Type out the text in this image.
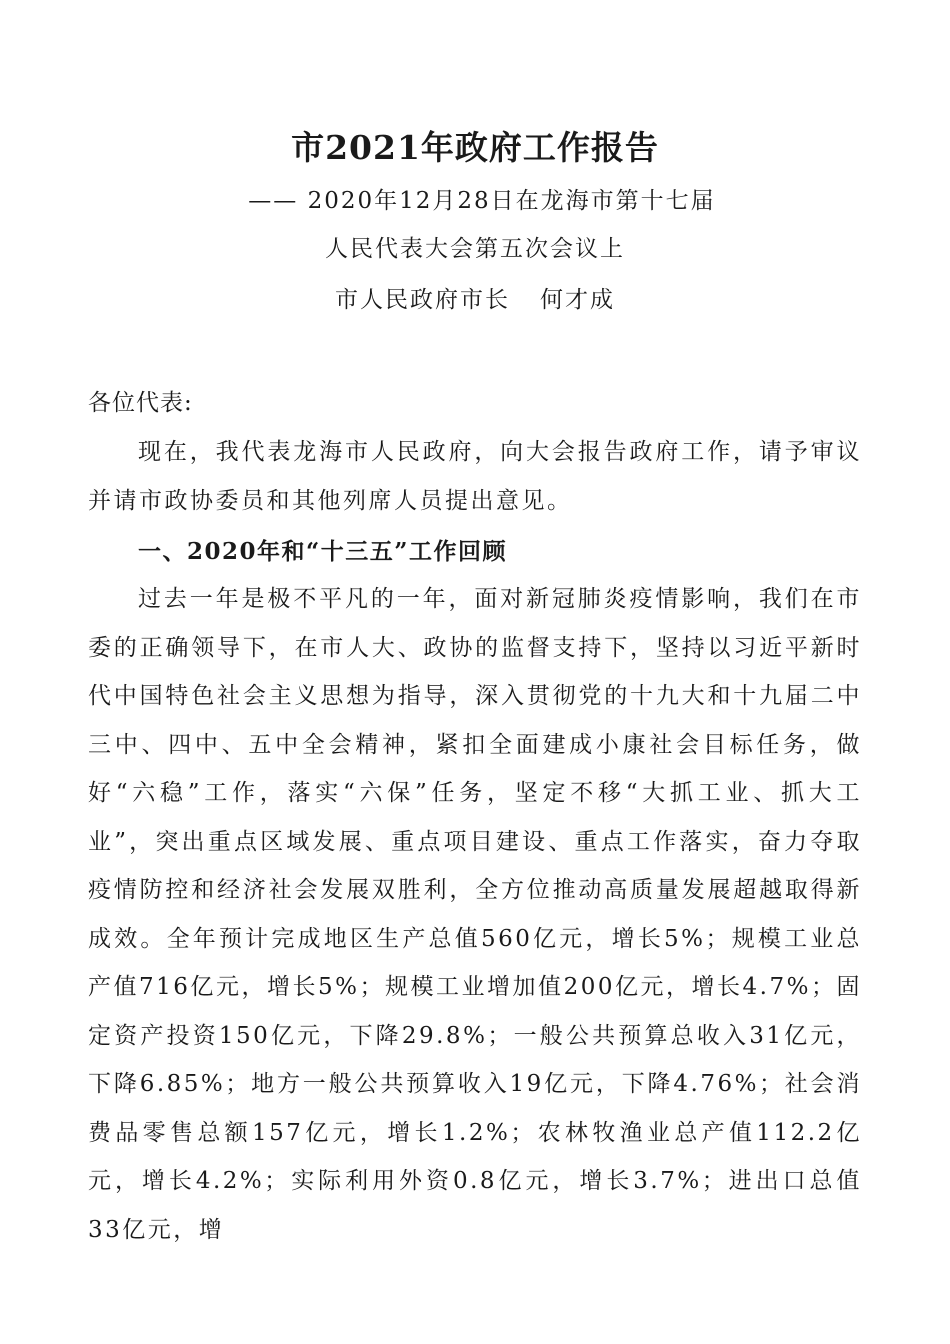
市2021年政府工作报告
—— 2020年12月28日在龙海市第十七届
人民代表大会第五次会议上
市人民政府市长 何才成
各位代表:

现在，我代表龙海市人民政府，向大会报告政府工作，请予审议并请市政协委员和其他列席人员提出意见。

一、2020年和“十三五”工作回顾

过去一年是极不平凡的一年，面对新冠肺炎疫情影响，我们在市委的正确领导下，在市人大、政协的监督支持下，坚持以习近平新时代中国特色社会主义思想为指导，深入贯彻党的十九大和十九届二中三中、四中、五中全会精神，紧扣全面建成小康社会目标任务，做好“六稳”工作，落实“六保”任务，坚定不移“大抓工业、抓大工业”，突出重点区域发展、重点项目建设、重点工作落实，奋力夺取疫情防控和经济社会发展双胜利，全方位推动高质量发展超越取得新成效。全年预计完成地区生产总值560亿元，增长5%；规模工业总产值716亿元，增长5%；规模工业增加值200亿元，增长4.7%；固定资产投资150亿元，下降29.8%；一般公共预算总收入31亿元，下降6.85%；地方一般公共预算收入19亿元，下降4.76%；社会消费品零售总额157亿元，增长1.2%；农林牧渔业总产值112.2亿元，增长4.2%；实际利用外资0.8亿元，增长3.7%；进出口总值33亿元，增
